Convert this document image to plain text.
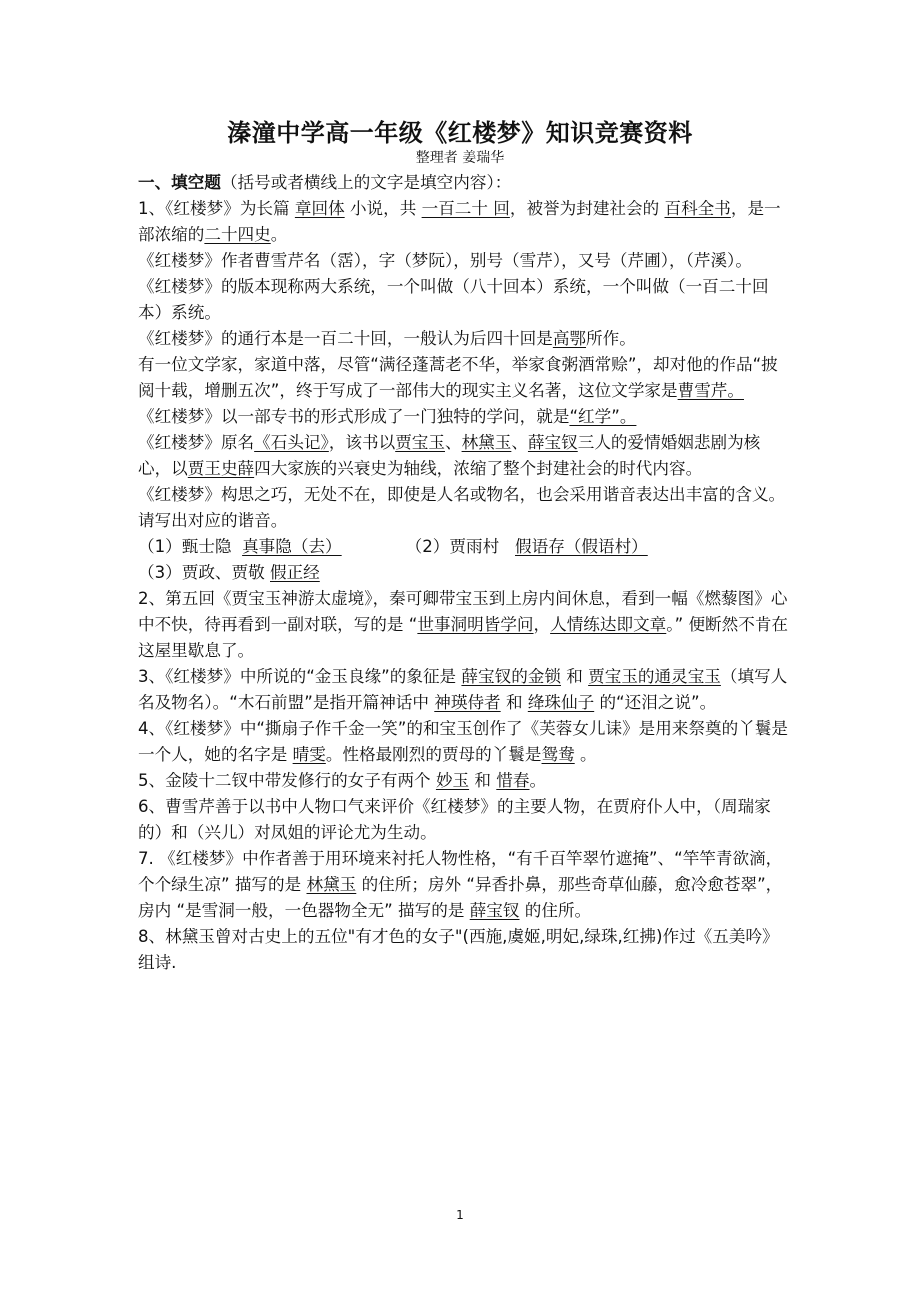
溱潼中学高一年级《红楼梦》知识竞赛资料
整理者 姜瑞华

一、填空题（括号或者横线上的文字是填空内容）：

1、《红楼梦》为长篇 章回体 小说，共 一百二十 回，被誉为封建社会的 百科全书，是一部浓缩的二十四史。

《红楼梦》作者曹雪芹名（霑），字（梦阮），别号（雪芹），又号（芹圃），（芹溪）。

《红楼梦》的版本现称两大系统，一个叫做（八十回本）系统，一个叫做（一百二十回本）系统。

《红楼梦》的通行本是一百二十回，一般认为后四十回是高鄂所作。

有一位文学家，家道中落，尽管“满径蓬蒿老不华，举家食粥酒常赊”，却对他的作品“披阅十载，增删五次”，终于写成了一部伟大的现实主义名著，这位文学家是曹雪芹。

《红楼梦》以一部专书的形式形成了一门独特的学问，就是“红学”。

《红楼梦》原名《石头记》，该书以贾宝玉、林黛玉、薛宝钗三人的爱情婚姻悲剧为核心，以贾王史薛四大家族的兴衰史为轴线，浓缩了整个封建社会的时代内容。

《红楼梦》构思之巧，无处不在，即使是人名或物名，也会采用谐音表达出丰富的含义。请写出对应的谐音。

（1）甄士隐 真事隐（去）	（2）贾雨村 假语存（假语村）

（3）贾政、贾敬 假正经

2、第五回《贾宝玉神游太虚境》，秦可卿带宝玉到上房内间休息，看到一幅《燃藜图》心中不快，待再看到一副对联，写的是 “世事洞明皆学问，人情练达即文章。” 便断然不肯在这屋里歇息了。

3、《红楼梦》中所说的“金玉良缘”的象征是 薛宝钗的金锁 和 贾宝玉的通灵宝玉（填写人名及物名）。“木石前盟”是指开篇神话中 神瑛侍者 和 绛珠仙子 的“还泪之说”。

4、《红楼梦》中“撕扇子作千金一笑”的和宝玉创作了《芙蓉女儿诔》是用来祭奠的丫鬟是一个人，她的名字是 晴雯。性格最刚烈的贾母的丫鬟是鸳鸯 。

5、金陵十二钗中带发修行的女子有两个 妙玉 和 惜春。

6、曹雪芹善于以书中人物口气来评价《红楼梦》的主要人物，在贾府仆人中，（周瑞家的）和（兴儿）对凤姐的评论尤为生动。

7. 《红楼梦》中作者善于用环境来衬托人物性格，“有千百竿翠竹遮掩”、“竿竿青欲滴，个个绿生凉” 描写的是 林黛玉 的住所；房外 “异香扑鼻，那些奇草仙藤，愈冷愈苍翠”，房内 “是雪洞一般，一色器物全无” 描写的是 薛宝钗 的住所。

8、林黛玉曾对古史上的五位"有才色的女子"(西施,虞姬,明妃,绿珠,红拂)作过《五美吟》 组诗.

1
